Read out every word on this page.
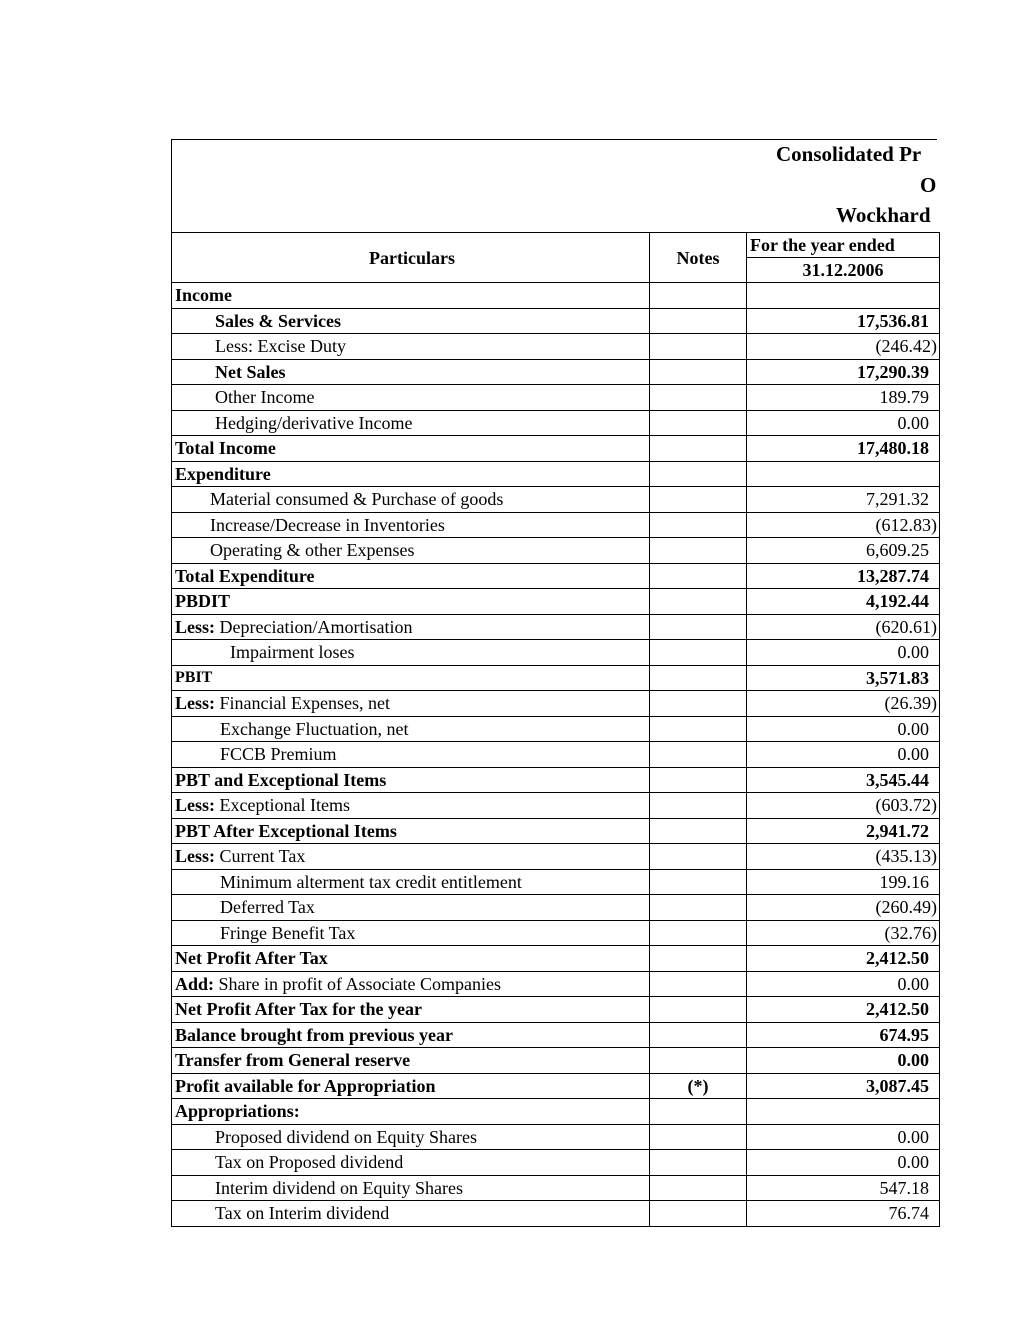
Consolidated Pr
O
Wockhard
Particulars	Notes	For the year ended
		31.12.2006
Income		
Sales & Services		17,536.81
Less: Excise Duty		(246.42)
Net Sales		17,290.39
Other Income		189.79
Hedging/derivative Income		0.00
Total Income		17,480.18
Expenditure		
Material consumed & Purchase of goods		7,291.32
Increase/Decrease in Inventories		(612.83)
Operating & other Expenses		6,609.25
Total Expenditure		13,287.74
PBDIT		4,192.44
Less: Depreciation/Amortisation		(620.61)
Impairment loses		0.00
PBIT		3,571.83
Less: Financial Expenses, net		(26.39)
Exchange Fluctuation, net		0.00
FCCB Premium		0.00
PBT and Exceptional Items		3,545.44
Less: Exceptional Items		(603.72)
PBT After Exceptional Items		2,941.72
Less: Current Tax		(435.13)
Minimum alterment tax credit entitlement		199.16
Deferred Tax		(260.49)
Fringe Benefit Tax		(32.76)
Net Profit After Tax		2,412.50
Add: Share in profit of Associate Companies		0.00
Net Profit After Tax for the year		2,412.50
Balance brought from previous year		674.95
Transfer from General reserve		0.00
Profit available for Appropriation	(*)	3,087.45
Appropriations:		
Proposed dividend on Equity Shares		0.00
Tax on Proposed dividend		0.00
Interim dividend on Equity Shares		547.18
Tax on Interim dividend		76.74
